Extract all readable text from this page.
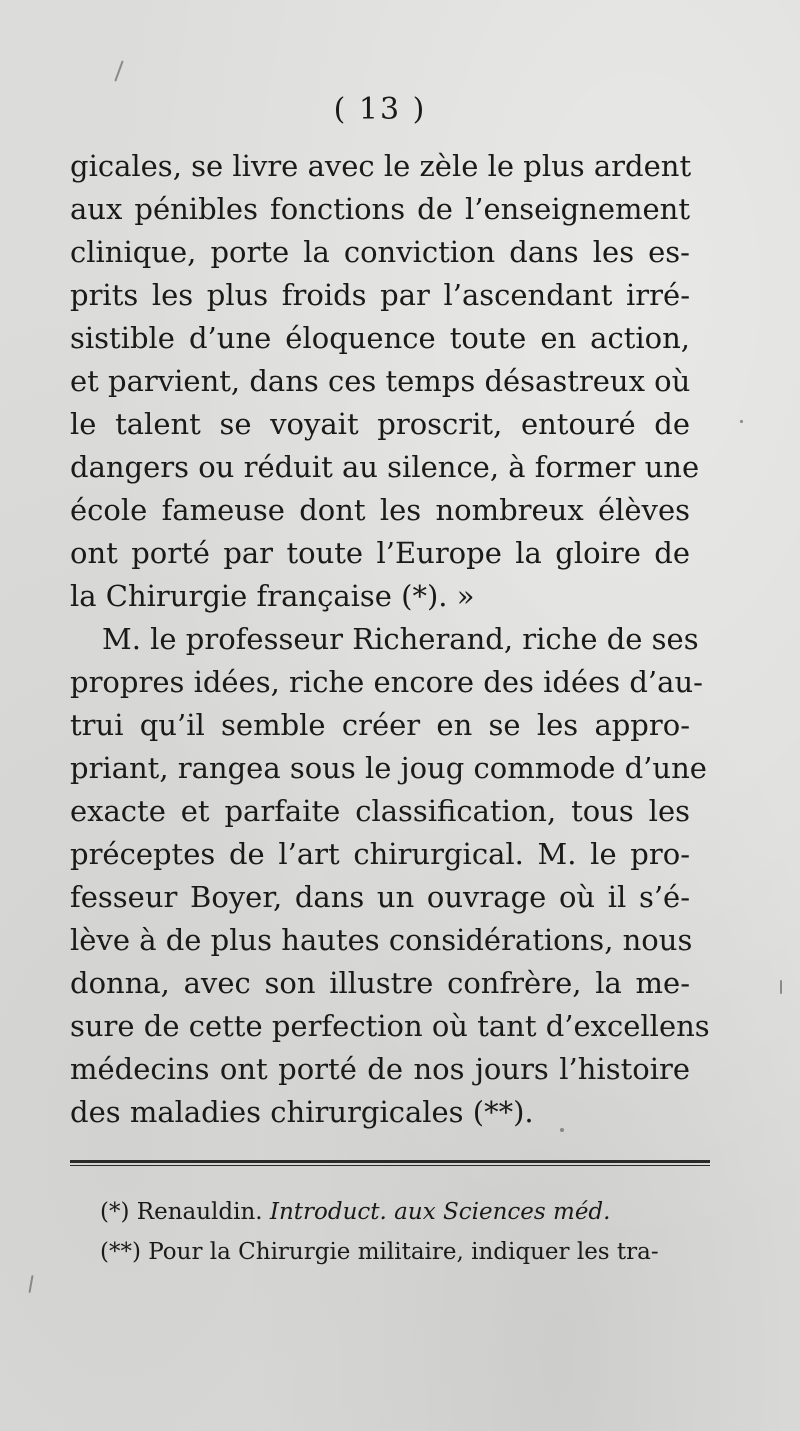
( 13 )
gicales, se livre avec le zèle le plus ardent
aux pénibles fonctions de l’enseignement
clinique, porte la conviction dans les es-
prits les plus froids par l’ascendant irré-
sistible d’une éloquence toute en action,
et parvient, dans ces temps désastreux où
le talent se voyait proscrit, entouré de
dangers ou réduit au silence, à former une
école fameuse dont les nombreux élèves
ont porté par toute l’Europe la gloire de
la Chirurgie française (*). »
M. le professeur Richerand, riche de ses
propres idées, riche encore des idées d’au-
trui qu’il semble créer en se les appro-
priant, rangea sous le joug commode d’une
exacte et parfaite classification, tous les
préceptes de l’art chirurgical. M. le pro-
fesseur Boyer, dans un ouvrage où il s’é-
lève à de plus hautes considérations, nous
donna, avec son illustre confrère, la me-
sure de cette perfection où tant d’excellens
médecins ont porté de nos jours l’histoire
des maladies chirurgicales (**).
(*) Renauldin. Introduct. aux Sciences méd.
(**) Pour la Chirurgie militaire, indiquer les tra-
